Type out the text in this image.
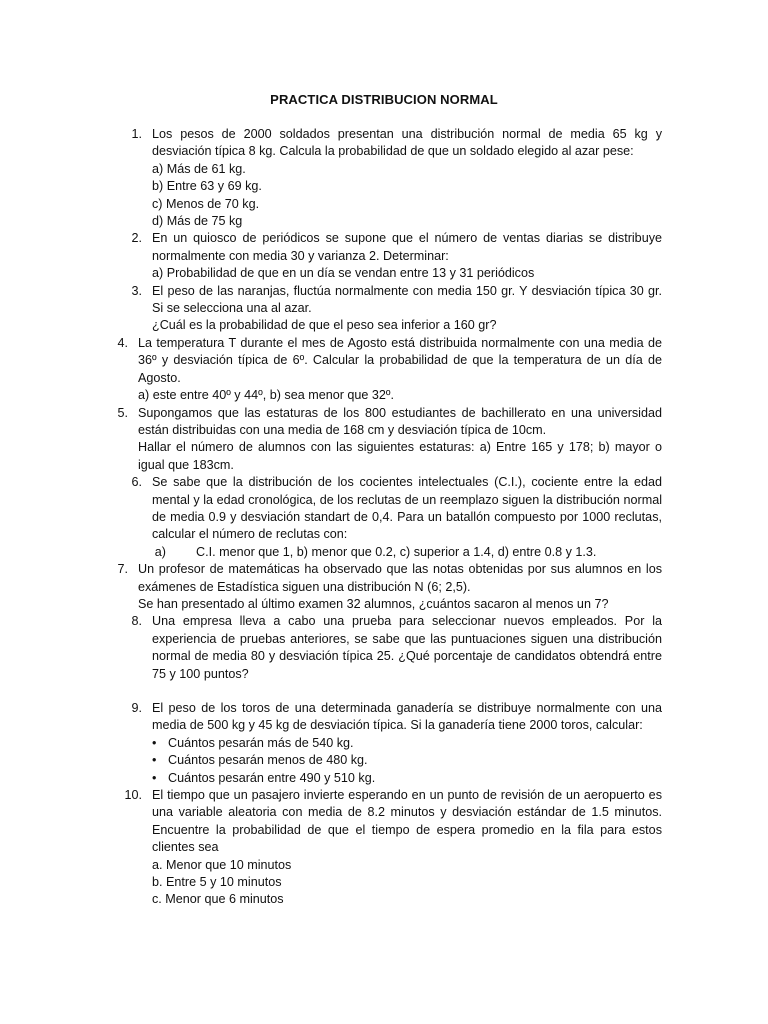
PRACTICA DISTRIBUCION NORMAL
1. Los pesos de 2000 soldados presentan una distribución normal de media 65 kg y desviación típica 8 kg. Calcula la probabilidad de que un soldado elegido al azar pese:

a) Más de 61 kg.

b) Entre 63 y 69 kg.

c) Menos de 70 kg.

d) Más de 75 kg

2. En un quiosco de periódicos se supone que el número de ventas diarias se distribuye normalmente con media 30 y varianza 2. Determinar:

a) Probabilidad de que en un día se vendan entre 13 y 31 periódicos

3. El peso de las naranjas, fluctúa normalmente con media 150 gr. Y desviación típica 30 gr. Si se selecciona una al azar.

¿Cuál es la probabilidad de que el peso sea inferior a 160 gr?

4. La temperatura T durante el mes de Agosto está distribuida normalmente con una media de 36º y desviación típica de 6º. Calcular la probabilidad de que la temperatura de un día de Agosto.

a) este entre 40º y 44º, b) sea menor que 32º.

5. Supongamos que las estaturas de los 800 estudiantes de bachillerato en una universidad están distribuidas con una media de 168 cm y desviación típica de 10cm.

Hallar el número de alumnos con las siguientes estaturas: a) Entre 165 y 178; b) mayor o igual que 183cm.

6. Se sabe que la distribución de los cocientes intelectuales (C.I.), cociente entre la edad mental y la edad cronológica, de los reclutas de un reemplazo siguen la distribución normal de media 0.9 y desviación standart de 0,4. Para un batallón compuesto por 1000 reclutas, calcular el número de reclutas con:

a) C.I. menor que 1, b) menor que 0.2, c) superior a 1.4, d) entre 0.8 y 1.3.

7. Un profesor de matemáticas ha observado que las notas obtenidas por sus alumnos en los exámenes de Estadística siguen una distribución N (6; 2,5).

Se han presentado al último examen 32 alumnos, ¿cuántos sacaron al menos un 7?

8. Una empresa lleva a cabo una prueba para seleccionar nuevos empleados. Por la experiencia de pruebas anteriores, se sabe que las puntuaciones siguen una distribución normal de media 80 y desviación típica 25. ¿Qué porcentaje de candidatos obtendrá entre 75 y 100 puntos?

9. El peso de los toros de una determinada ganadería se distribuye normalmente con una media de 500 kg y 45 kg de desviación típica. Si la ganadería tiene 2000 toros, calcular:

• Cuántos pesarán más de 540 kg.
• Cuántos pesarán menos de 480 kg.
• Cuántos pesarán entre 490 y 510 kg.
10. El tiempo que un pasajero invierte esperando en un punto de revisión de un aeropuerto es una variable aleatoria con media de 8.2 minutos y desviación estándar de 1.5 minutos. Encuentre la probabilidad de que el tiempo de espera promedio en la fila para estos clientes sea

a. Menor que 10 minutos

b. Entre 5 y 10 minutos

c. Menor que 6 minutos
